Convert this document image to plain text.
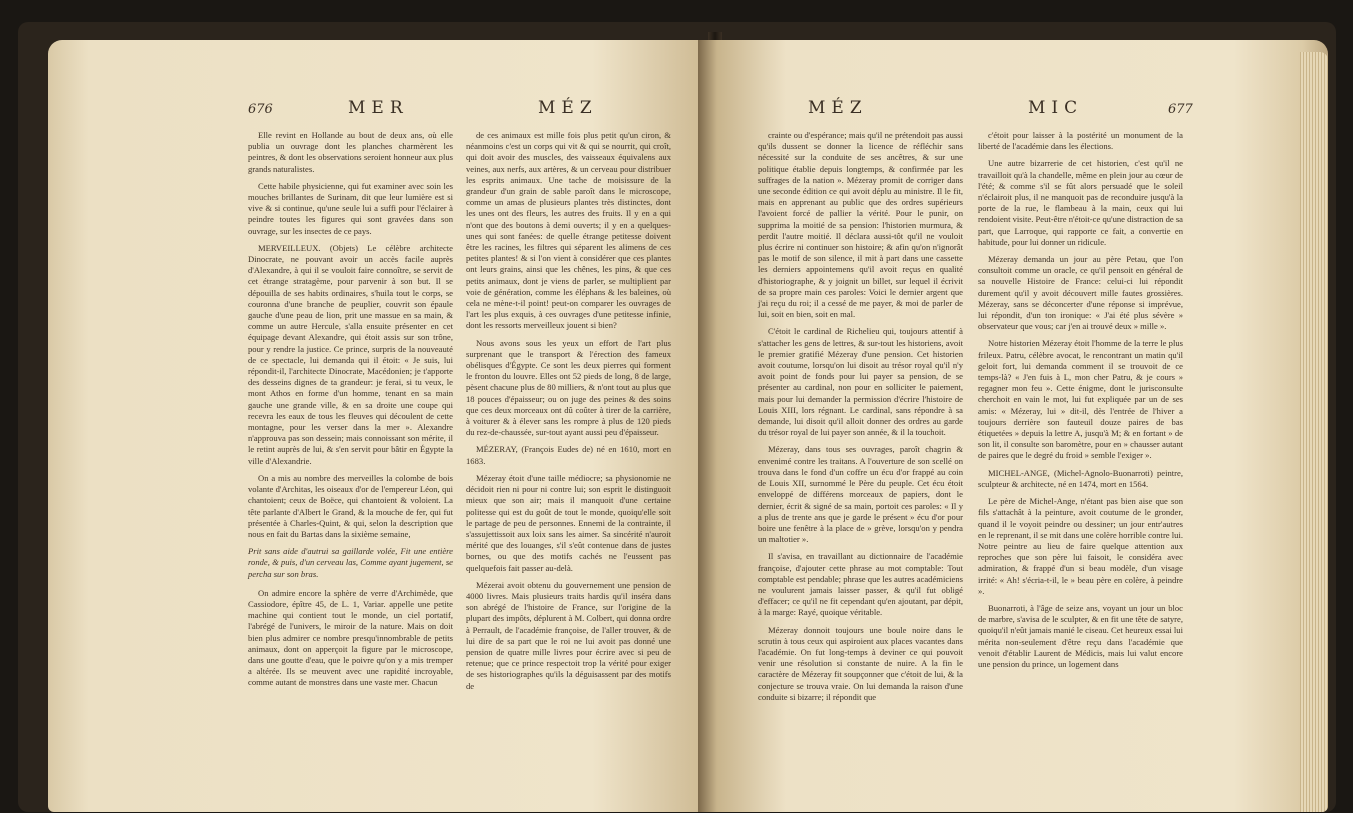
676	MER	MÉZ

Elle revint en Hollande au bout de deux ans, où elle publia un ouvrage dont les planches charmèrent les peintres, & dont les observations seroient honneur aux plus grands naturalistes.

Cette habile physicienne, qui fut examiner avec soin les mouches brillantes de Surinam, dit que leur lumière est si vive & si continue, qu'une seule lui a suffi pour l'éclairer à peindre toutes les figures qui sont gravées dans son ouvrage, sur les insectes de ce pays.

MERVEILLEUX. (Objets) Le célèbre architecte Dinocrate, ne pouvant avoir un accès facile auprès d'Alexandre, à qui il se vouloit faire connoître, se servit de cet étrange stratagème, pour parvenir à son but. Il se dépouilla de ses habits ordinaires, s'huila tout le corps, se couronna d'une branche de peuplier, couvrit son épaule gauche d'une peau de lion, prit une massue en sa main, & comme un autre Hercule, s'alla ensuite présenter en cet équipage devant Alexandre, qui étoit assis sur son trône, pour y rendre la justice. Ce prince, surpris de la nouveauté de ce spectacle, lui demanda qui il étoit: « Je suis, lui répondit-il, l'architecte Dinocrate, Macédonien; je t'apporte des desseins dignes de ta grandeur: je ferai, si tu veux, le mont Athos en forme d'un homme, tenant en sa main gauche une grande ville, & en sa droite une coupe qui recevra les eaux de tous les fleuves qui découlent de cette montagne, pour les verser dans la mer ». Alexandre n'approuva pas son dessein; mais connoissant son mérite, il le retint auprès de lui, & s'en servit pour bâtir en Égypte la ville d'Alexandrie.

On a mis au nombre des merveilles la colombe de bois volante d'Architas, les oiseaux d'or de l'empereur Léon, qui chantoient; ceux de Boëce, qui chantoient & voloient. La tête parlante d'Albert le Grand, & la mouche de fer, qui fut présentée à Charles-Quint, & qui, selon la description que nous en fait du Bartas dans la sixième semaine,

Prit sans aide d'autrui sa gaillarde volée, Fit une entière ronde, & puis, d'un cerveau las, Comme ayant jugement, se percha sur son bras.

On admire encore la sphère de verre d'Archimède, que Cassiodore, épître 45, de L. 1, Variar. appelle une petite machine qui contient tout le monde, un ciel portatif, l'abrégé de l'univers, le miroir de la nature. Mais on doit bien plus admirer ce nombre presqu'innombrable de petits animaux, dont on apperçoit la figure par le microscope, dans une goutte d'eau, que le poivre qu'on y a mis tremper a altérée. Ils se meuvent avec une rapidité incroyable, comme autant de monstres dans une vaste mer. Chacun

de ces animaux est mille fois plus petit qu'un ciron, & néanmoins c'est un corps qui vit & qui se nourrit, qui croît, qui doit avoir des muscles, des vaisseaux équivalens aux veines, aux nerfs, aux artères, & un cerveau pour distribuer les esprits animaux. Une tache de moisissure de la grandeur d'un grain de sable paroît dans le microscope, comme un amas de plusieurs plantes très distinctes, dont les unes ont des fleurs, les autres des fruits. Il y en a qui n'ont que des boutons à demi ouverts; il y en a quelques-unes qui sont fanées: de quelle étrange petitesse doivent être les racines, les filtres qui séparent les alimens de ces petites plantes! & si l'on vient à considérer que ces plantes ont leurs grains, ainsi que les chênes, les pins, & que ces petits animaux, dont je viens de parler, se multiplient par voie de génération, comme les éléphans & les baleines, où cela ne mène-t-il point! peut-on comparer les ouvrages de l'art les plus exquis, à ces ouvrages d'une petitesse infinie, dont les ressorts merveilleux jouent si bien?

Nous avons sous les yeux un effort de l'art plus surprenant que le transport & l'érection des fameux obélisques d'Égypte. Ce sont les deux pierres qui forment le fronton du louvre. Elles ont 52 pieds de long, 8 de large, pèsent chacune plus de 80 milliers, & n'ont tout au plus que 18 pouces d'épaisseur; ou on juge des peines & des soins que ces deux morceaux ont dû coûter à tirer de la carrière, à voiturer & à élever sans les rompre à plus de 120 pieds du rez-de-chaussée, sur-tout ayant aussi peu d'épaisseur.

MÉZERAY, (François Eudes de) né en 1610, mort en 1683.

Mézeray étoit d'une taille médiocre; sa physionomie ne décidoit rien ni pour ni contre lui; son esprit le distinguoit mieux que son air; mais il manquoit d'une certaine politesse qui est du goût de tout le monde, quoiqu'elle soit le partage de peu de personnes. Ennemi de la contrainte, il s'assujettissoit aux loix sans les aimer. Sa sincérité n'auroit mérité que des louanges, s'il s'eût contenue dans de justes bornes, ou que des motifs cachés ne l'eussent pas quelquefois fait passer au-delà.

Mézerai avoit obtenu du gouvernement une pension de 4000 livres. Mais plusieurs traits hardis qu'il inséra dans son abrégé de l'histoire de France, sur l'origine de la plupart des impôts, déplurent à M. Colbert, qui donna ordre à Perrault, de l'académie françoise, de l'aller trouver, & de lui dire de sa part que le roi ne lui avoit pas donné une pension de quatre mille livres pour écrire avec si peu de retenue; que ce prince respectoit trop la vérité pour exiger de ses historiographes qu'ils la déguisassent par des motifs de

MÉZ	MIC	677

crainte ou d'espérance; mais qu'il ne prétendoit pas aussi qu'ils dussent se donner la licence de réfléchir sans nécessité sur la conduite de ses ancêtres, & sur une politique établie depuis longtemps, & confirmée par les suffrages de la nation ». Mézeray promit de corriger dans une seconde édition ce qui avoit déplu au ministre. Il le fit, mais en apprenant au public que des ordres supérieurs l'avoient forcé de pallier la vérité. Pour le punir, on supprima la moitié de sa pension: l'historien murmura, & perdit l'autre moitié. Il déclara aussi-tôt qu'il ne vouloit plus écrire ni continuer son histoire; & afin qu'on n'ignorât pas le motif de son silence, il mit à part dans une cassette les derniers appointemens qu'il avoit reçus en qualité d'historiographe, & y joignit un billet, sur lequel il écrivit de sa propre main ces paroles: Voici le dernier argent que j'ai reçu du roi; il a cessé de me payer, & moi de parler de lui, soit en bien, soit en mal.

C'étoit le cardinal de Richelieu qui, toujours attentif à s'attacher les gens de lettres, & sur-tout les historiens, avoit le premier gratifié Mézeray d'une pension. Cet historien avoit coutume, lorsqu'on lui disoit au trésor royal qu'il n'y avoit point de fonds pour lui payer sa pension, de se présenter au cardinal, non pour en solliciter le paiement, mais pour lui demander la permission d'écrire l'histoire de Louis XIII, lors régnant. Le cardinal, sans répondre à sa demande, lui disoit qu'il alloit donner des ordres au garde du trésor royal de lui payer son année, & il la touchoit.

Mézeray, dans tous ses ouvrages, paroît chagrin & envenimé contre les traitans. A l'ouverture de son scellé on trouva dans le fond d'un coffre un écu d'or frappé au coin de Louis XII, surnommé le Père du peuple. Cet écu étoit enveloppé de différens morceaux de papiers, dont le dernier, écrit & signé de sa main, portoit ces paroles: « Il y a plus de trente ans que je garde le présent » écu d'or pour boire une fenêtre à la place de » grève, lorsqu'on y pendra un maltotier ».

Il s'avisa, en travaillant au dictionnaire de l'académie françoise, d'ajouter cette phrase au mot comptable: Tout comptable est pendable; phrase que les autres académiciens ne voulurent jamais laisser passer, & qu'il fut obligé d'effacer; ce qu'il ne fit cependant qu'en ajoutant, par dépit, à la marge: Rayé, quoique véritable.

Mézeray donnoit toujours une boule noire dans le scrutin à tous ceux qui aspiroient aux places vacantes dans l'académie. On fut long-temps à deviner ce qui pouvoit venir une résolution si constante de nuire. A la fin le caractère de Mézeray fit soupçonner que c'étoit de lui, & la conjecture se trouva vraie. On lui demanda la raison d'une conduite si bizarre; il répondit que

c'étoit pour laisser à la postérité un monument de la liberté de l'académie dans les élections.

Une autre bizarrerie de cet historien, c'est qu'il ne travailloit qu'à la chandelle, même en plein jour au cœur de l'été; & comme s'il se fût alors persuadé que le soleil n'éclairoit plus, il ne manquoit pas de reconduire jusqu'à la porte de la rue, le flambeau à la main, ceux qui lui rendoient visite. Peut-être n'étoit-ce qu'une distraction de sa part, que Larroque, qui rapporte ce fait, a convertie en habitude, pour lui donner un ridicule.

Mézeray demanda un jour au père Petau, que l'on consultoit comme un oracle, ce qu'il pensoit en général de sa nouvelle Histoire de France: celui-ci lui répondit durement qu'il y avoit découvert mille fautes grossières. Mézeray, sans se déconcerter d'une réponse si imprévue, lui répondit, d'un ton ironique: « J'ai été plus sévère » observateur que vous; car j'en ai trouvé deux » mille ».

Notre historien Mézeray étoit l'homme de la terre le plus frileux. Patru, célèbre avocat, le rencontrant un matin qu'il geloit fort, lui demanda comment il se trouvoit de ce temps-là? « J'en fuis à L, mon cher Patru, & je cours » regagner mon feu ». Cette énigme, dont le jurisconsulte cherchoit en vain le mot, lui fut expliquée par un de ses amis: « Mézeray, lui » dit-il, dès l'entrée de l'hiver a toujours derrière son fauteuil douze paires de bas étiquetées » depuis la lettre A, jusqu'à M; & en fortant » de son lit, il consulte son baromètre, pour en » chausser autant de paires que le degré du froid » semble l'exiger ».

MICHEL-ANGE, (Michel-Agnolo-Buonarroti) peintre, sculpteur & architecte, né en 1474, mort en 1564.

Le père de Michel-Ange, n'étant pas bien aise que son fils s'attachât à la peinture, avoit coutume de le gronder, quand il le voyoit peindre ou dessiner; un jour entr'autres en le reprenant, il se mit dans une colère horrible contre lui. Notre peintre au lieu de faire quelque attention aux reproches que son père lui faisoit, le considéra avec admiration, & frappé d'un si beau modèle, d'un visage irrité: « Ah! s'écria-t-il, le » beau père en colère, à peindre ».

Buonarroti, à l'âge de seize ans, voyant un jour un bloc de marbre, s'avisa de le sculpter, & en fit une tête de satyre, quoiqu'il n'eût jamais manié le ciseau. Cet heureux essai lui mérita non-seulement d'être reçu dans l'académie que venoit d'établir Laurent de Médicis, mais lui valut encore une pension du prince, un logement dans
